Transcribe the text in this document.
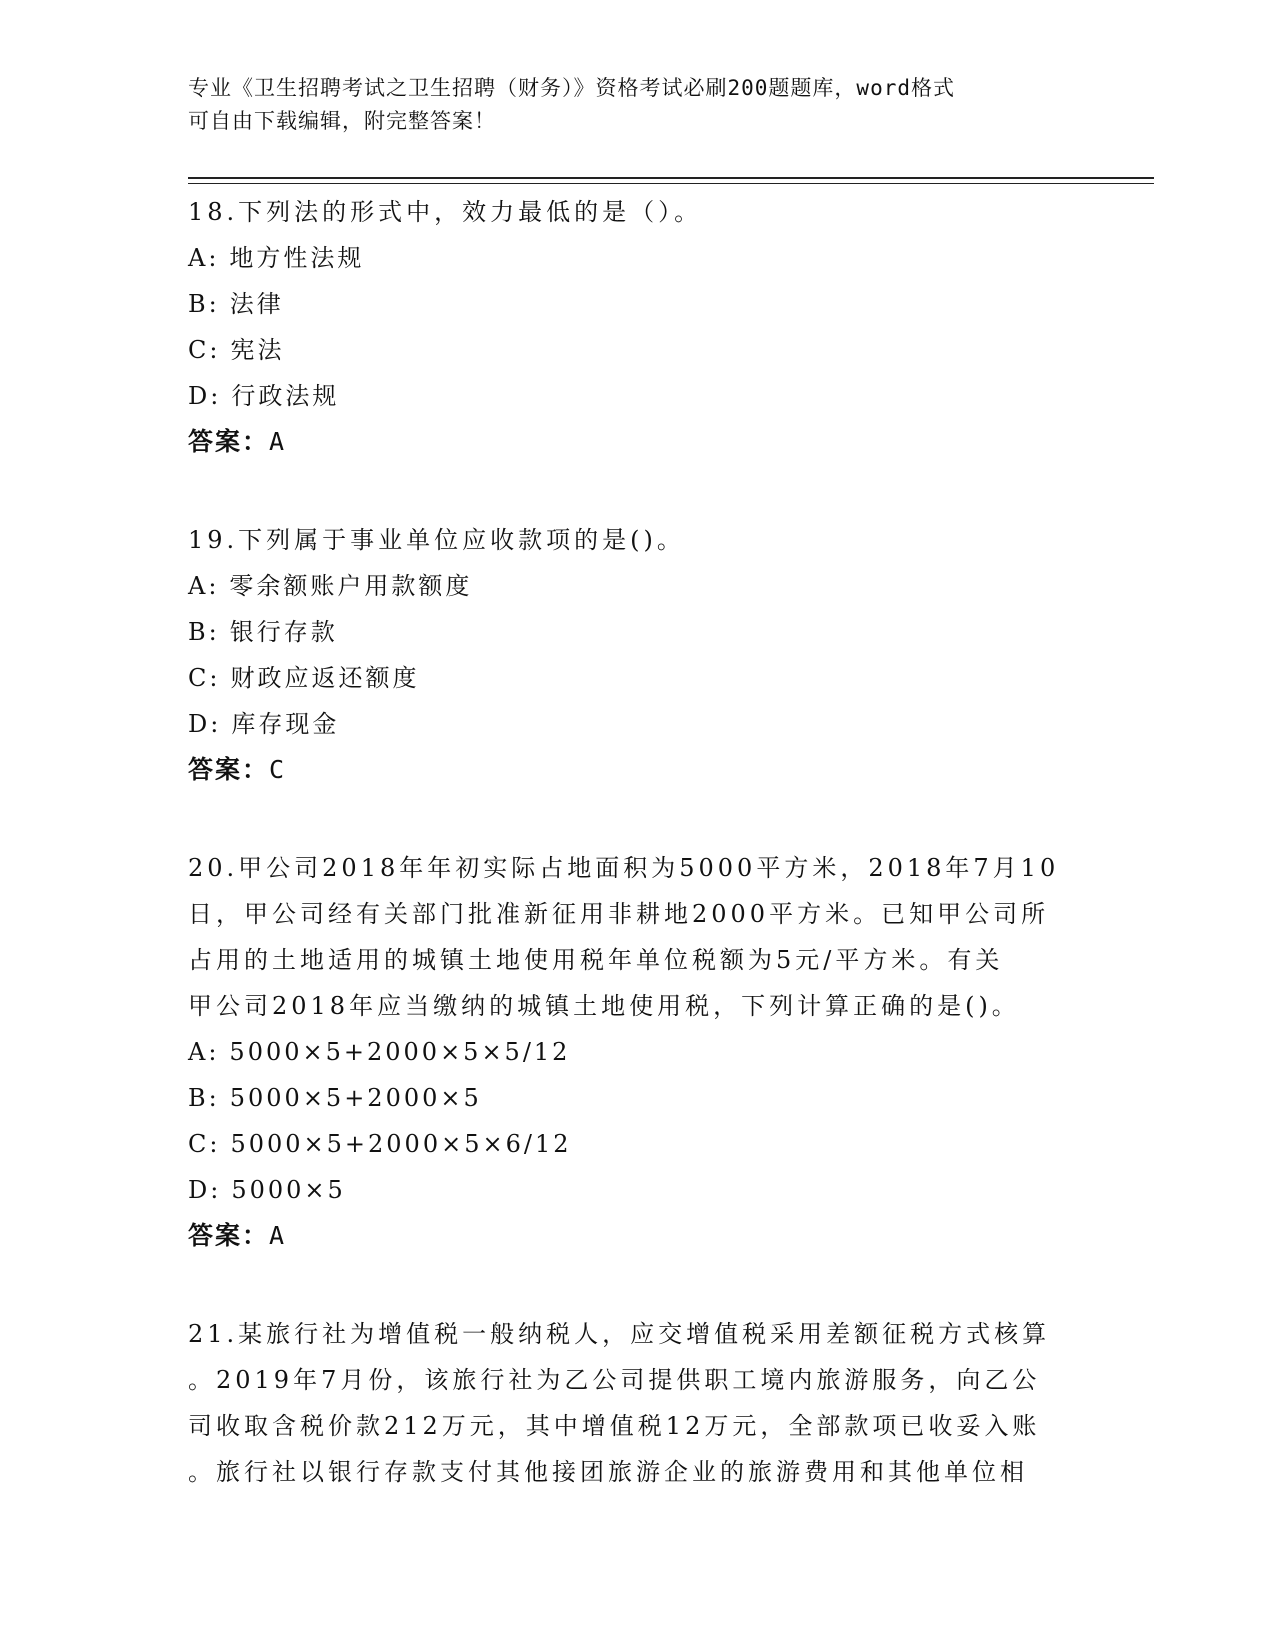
专业《卫生招聘考试之卫生招聘（财务）》资格考试必刷200题题库，word格式
可自由下载编辑，附完整答案！
18.下列法的形式中，效力最低的是（）。
A: 地方性法规
B: 法律
C: 宪法
D: 行政法规
答案：A
19.下列属于事业单位应收款项的是()。
A: 零余额账户用款额度
B: 银行存款
C: 财政应返还额度
D: 库存现金
答案：C
20.甲公司2018年年初实际占地面积为5000平方米，2018年7月10
日，甲公司经有关部门批准新征用非耕地2000平方米。已知甲公司所
占用的土地适用的城镇土地使用税年单位税额为5元/平方米。有关
甲公司2018年应当缴纳的城镇土地使用税，下列计算正确的是()。
A: 5000×5+2000×5×5/12
B: 5000×5+2000×5
C: 5000×5+2000×5×6/12
D: 5000×5
答案：A
21.某旅行社为增值税一般纳税人，应交增值税采用差额征税方式核算
。2019年7月份，该旅行社为乙公司提供职工境内旅游服务，向乙公
司收取含税价款212万元，其中增值税12万元，全部款项已收妥入账
。旅行社以银行存款支付其他接团旅游企业的旅游费用和其他单位相
